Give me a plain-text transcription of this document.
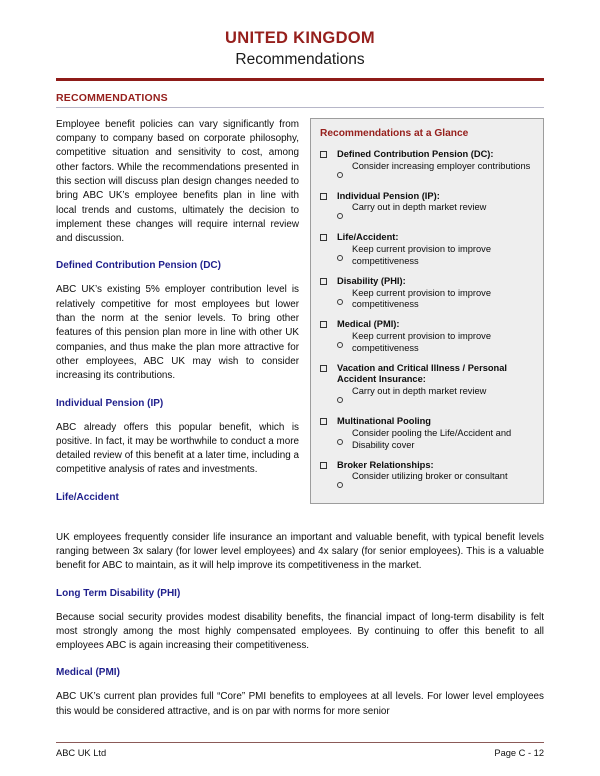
UNITED KINGDOM
Recommendations
RECOMMENDATIONS

Employee benefit policies can vary significantly from company to company based on corporate philosophy, competitive situation and sensitivity to cost, among other factors. While the recommendations presented in this section will discuss plan design changes needed to bring ABC UK’s employee benefits plan in line with local trends and customs, ultimately the decision to implement these changes will require internal review and discussion.

Defined Contribution Pension (DC)

ABC UK’s existing 5% employer contribution level is relatively competitive for most employees but lower than the norm at the senior levels. To bring other features of this pension plan more in line with other UK companies, and thus make the plan more attractive for other employees, ABC UK may wish to consider increasing its contributions.

Individual Pension (IP)

ABC already offers this popular benefit, which is positive. In fact, it may be worthwhile to conduct a more detailed review of this benefit at a later time, including a competitive analysis of rates and investments.

Life/Accident
Recommendations at a Glance
Defined Contribution Pension (DC):
Consider increasing employer contributions
Individual Pension (IP):
Carry out in depth market review
Life/Accident:
Keep current provision to improve competitiveness
Disability (PHI):
Keep current provision to improve competitiveness
Medical (PMI):
Keep current provision to improve competitiveness
Vacation and Critical Illness / Personal Accident Insurance:
Carry out in depth market review
Multinational Pooling
Consider pooling the Life/Accident and Disability cover
Broker Relationships:
Consider utilizing broker or consultant

UK employees frequently consider life insurance an important and valuable benefit, with typical benefit levels ranging between 3x salary (for lower level employees) and 4x salary (for senior employees). This is a valuable benefit for ABC to maintain, as it will help improve its competitiveness in the market.

Long Term Disability (PHI)

Because social security provides modest disability benefits, the financial impact of long-term disability is felt most strongly among the most highly compensated employees. By continuing to offer this benefit to all employees ABC is again increasing their competitiveness.

Medical (PMI)

ABC UK’s current plan provides full “Core” PMI benefits to employees at all levels. For lower level employees this would be considered attractive, and is on par with norms for more senior

ABC UK Ltd	Page C - 12
